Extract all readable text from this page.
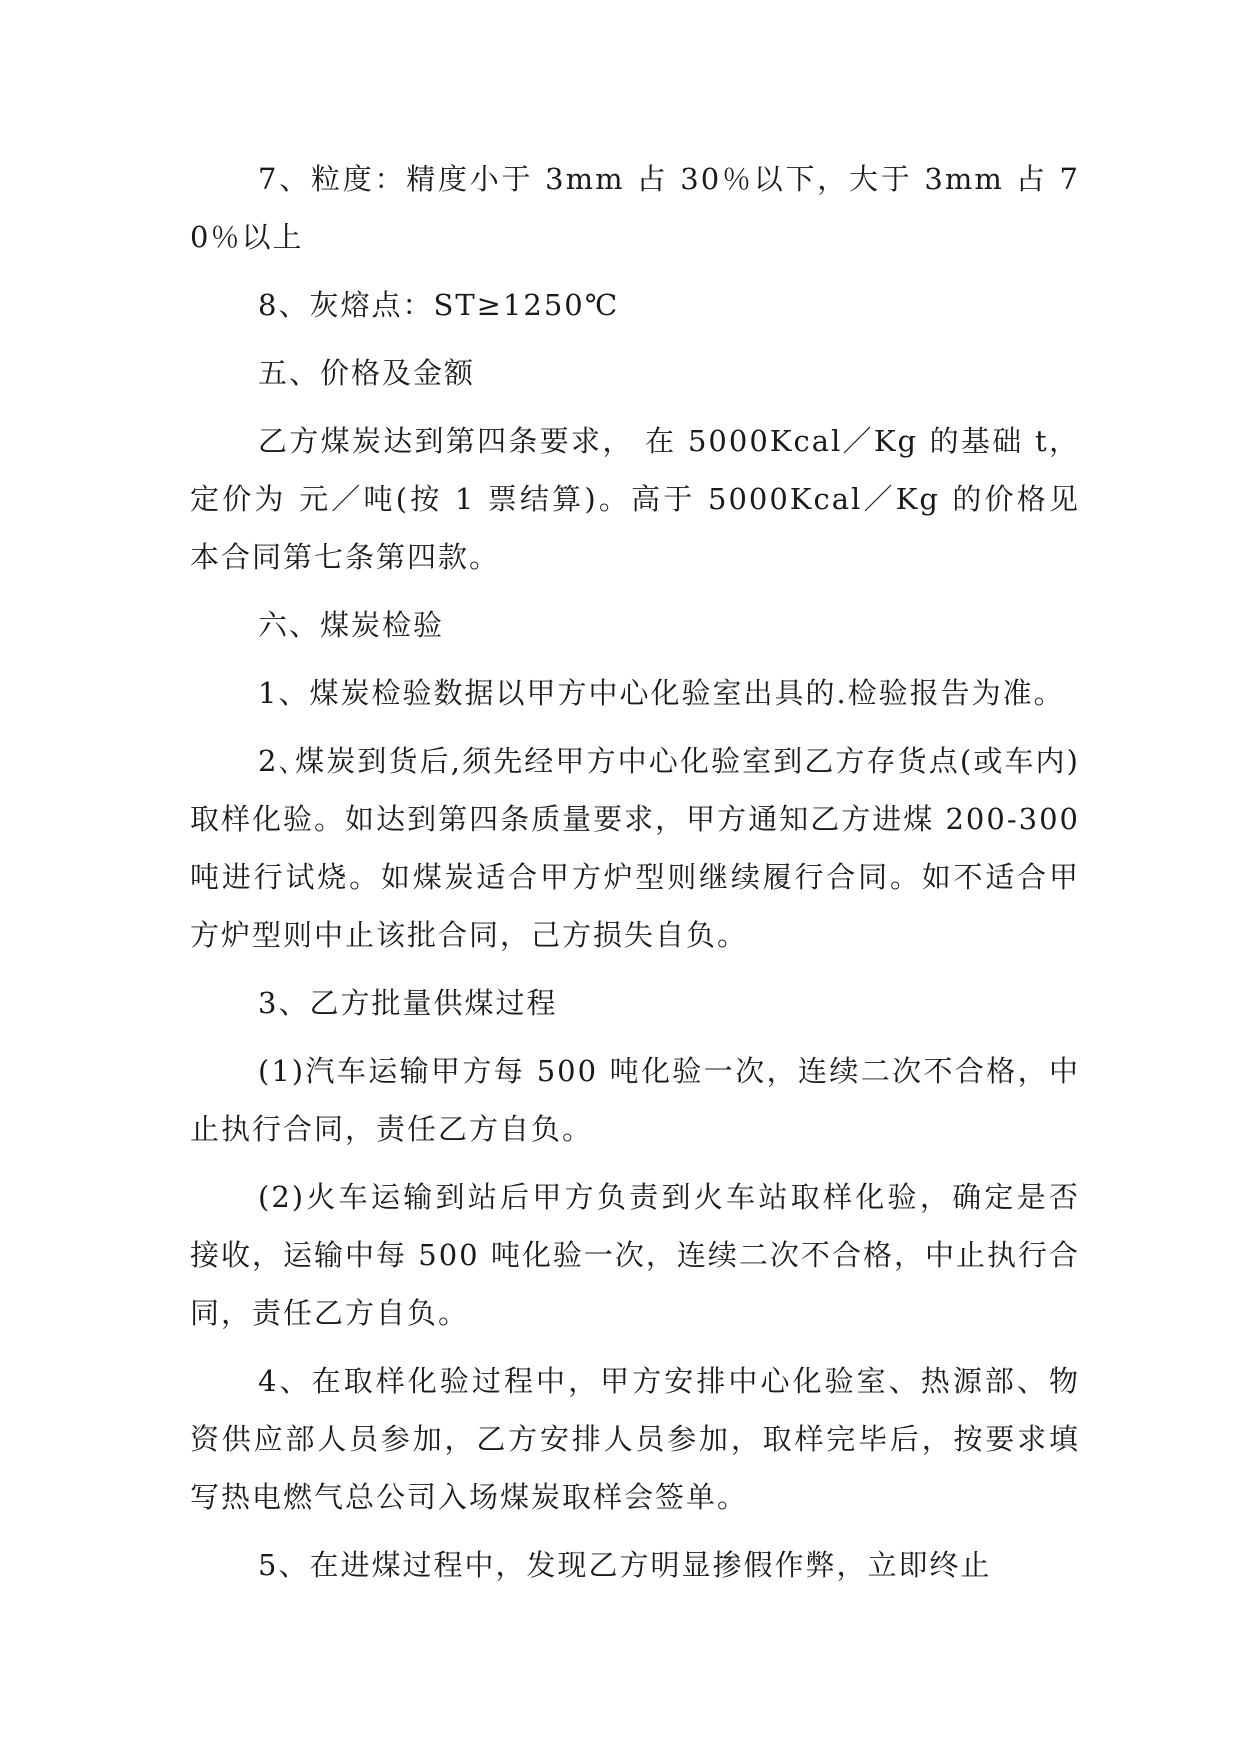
7、粒度：精度小于 3mm 占 30％以下，大于 3mm 占 70％以上

8、灰熔点：ST≥1250℃

五、价格及金额

乙方煤炭达到第四条要求， 在 5000Kcal／Kg 的基础 t，定价为 元／吨(按 1 票结算)。高于 5000Kcal／Kg 的价格见本合同第七条第四款。

六、煤炭检验

1、煤炭检验数据以甲方中心化验室出具的.检验报告为准。

2､煤炭到货后,须先经甲方中心化验室到乙方存货点(或车内)取样化验。如达到第四条质量要求，甲方通知乙方进煤 200-300 吨进行试烧。如煤炭适合甲方炉型则继续履行合同。如不适合甲方炉型则中止该批合同，己方损失自负。

3、乙方批量供煤过程

(1)汽车运输甲方每 500 吨化验一次，连续二次不合格，中止执行合同，责任乙方自负。

(2)火车运输到站后甲方负责到火车站取样化验，确定是否接收，运输中每 500 吨化验一次，连续二次不合格，中止执行合同，责任乙方自负。

4、在取样化验过程中，甲方安排中心化验室、热源部、物资供应部人员参加，乙方安排人员参加，取样完毕后，按要求填写热电燃气总公司入场煤炭取样会签单。

5、在进煤过程中，发现乙方明显掺假作弊，立即终止
